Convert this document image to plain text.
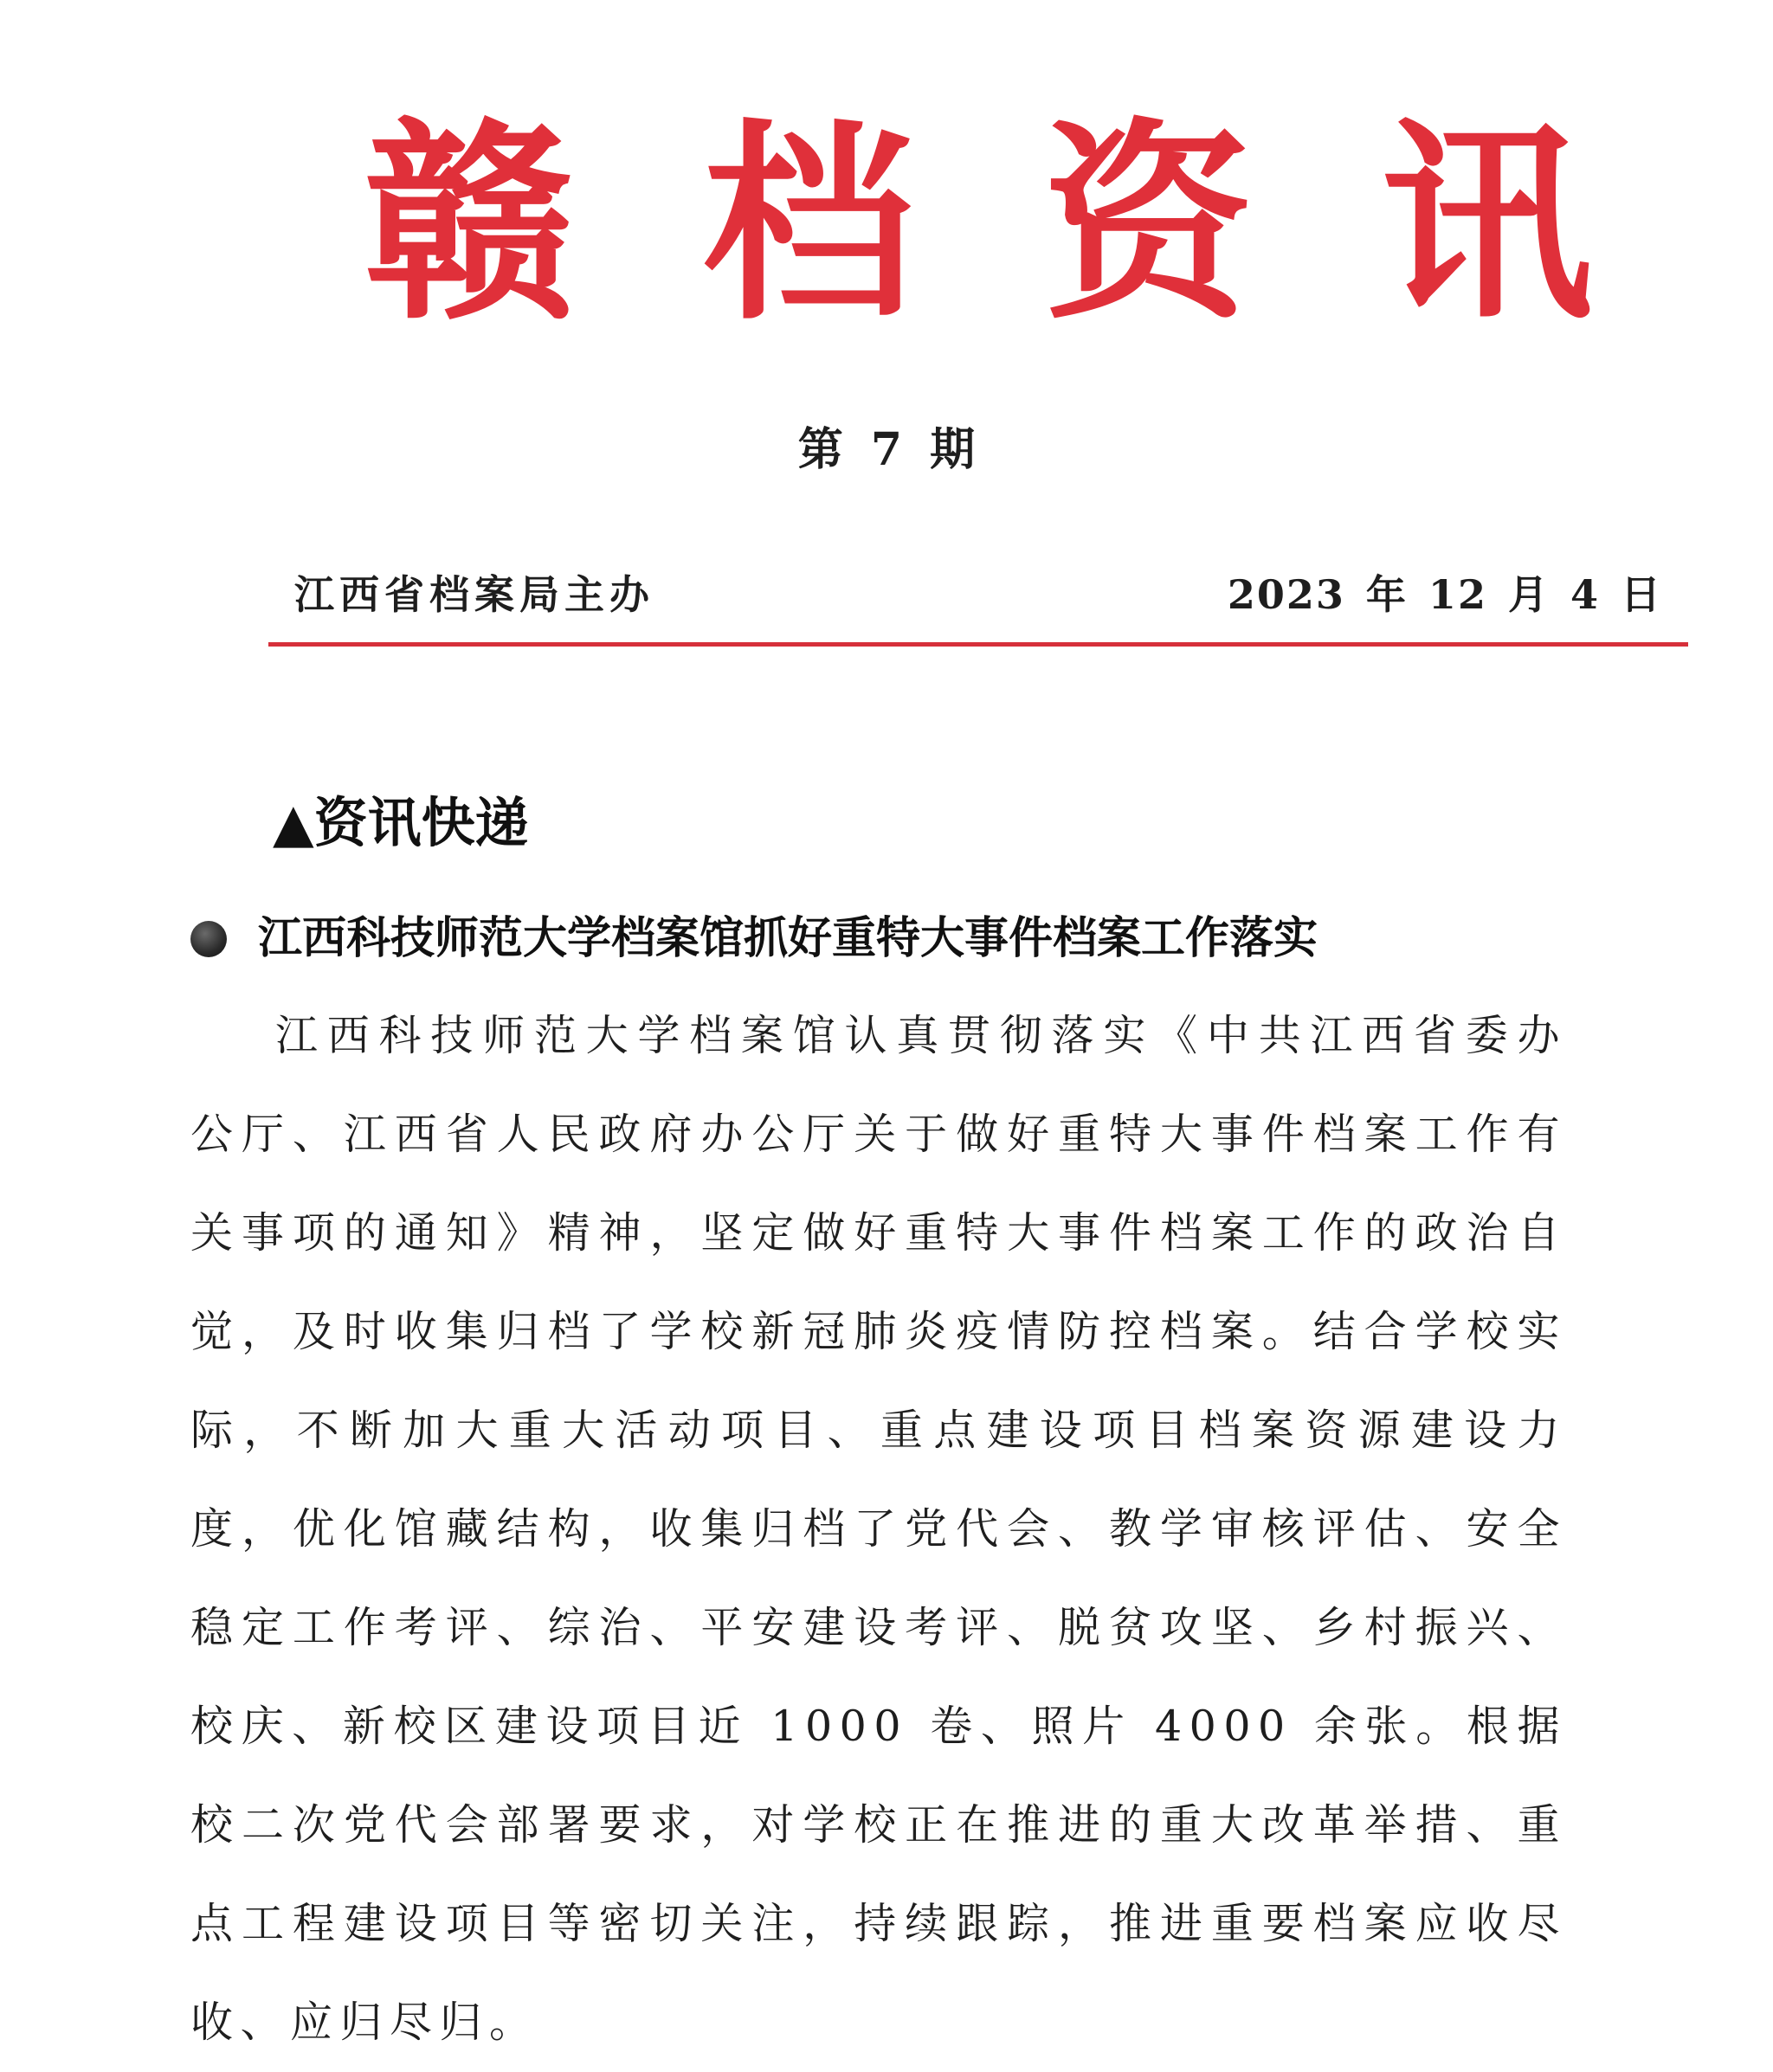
赣 档 资 讯
第 7 期
江西省档案局主办	2023 年 12 月 4 日
▲资讯快递
江西科技师范大学档案馆抓好重特大事件档案工作落实

江西科技师范大学档案馆认真贯彻落实《中共江西省委办公厅、江西省人民政府办公厅关于做好重特大事件档案工作有关事项的通知》精神，坚定做好重特大事件档案工作的政治自觉，及时收集归档了学校新冠肺炎疫情防控档案。结合学校实际，不断加大重大活动项目、重点建设项目档案资源建设力度，优化馆藏结构，收集归档了党代会、教学审核评估、安全稳定工作考评、综治、平安建设考评、脱贫攻坚、乡村振兴、校庆、新校区建设项目近 1000 卷、照片 4000 余张。根据校二次党代会部署要求，对学校正在推进的重大改革举措、重点工程建设项目等密切关注，持续跟踪，推进重要档案应收尽收、应归尽归。
